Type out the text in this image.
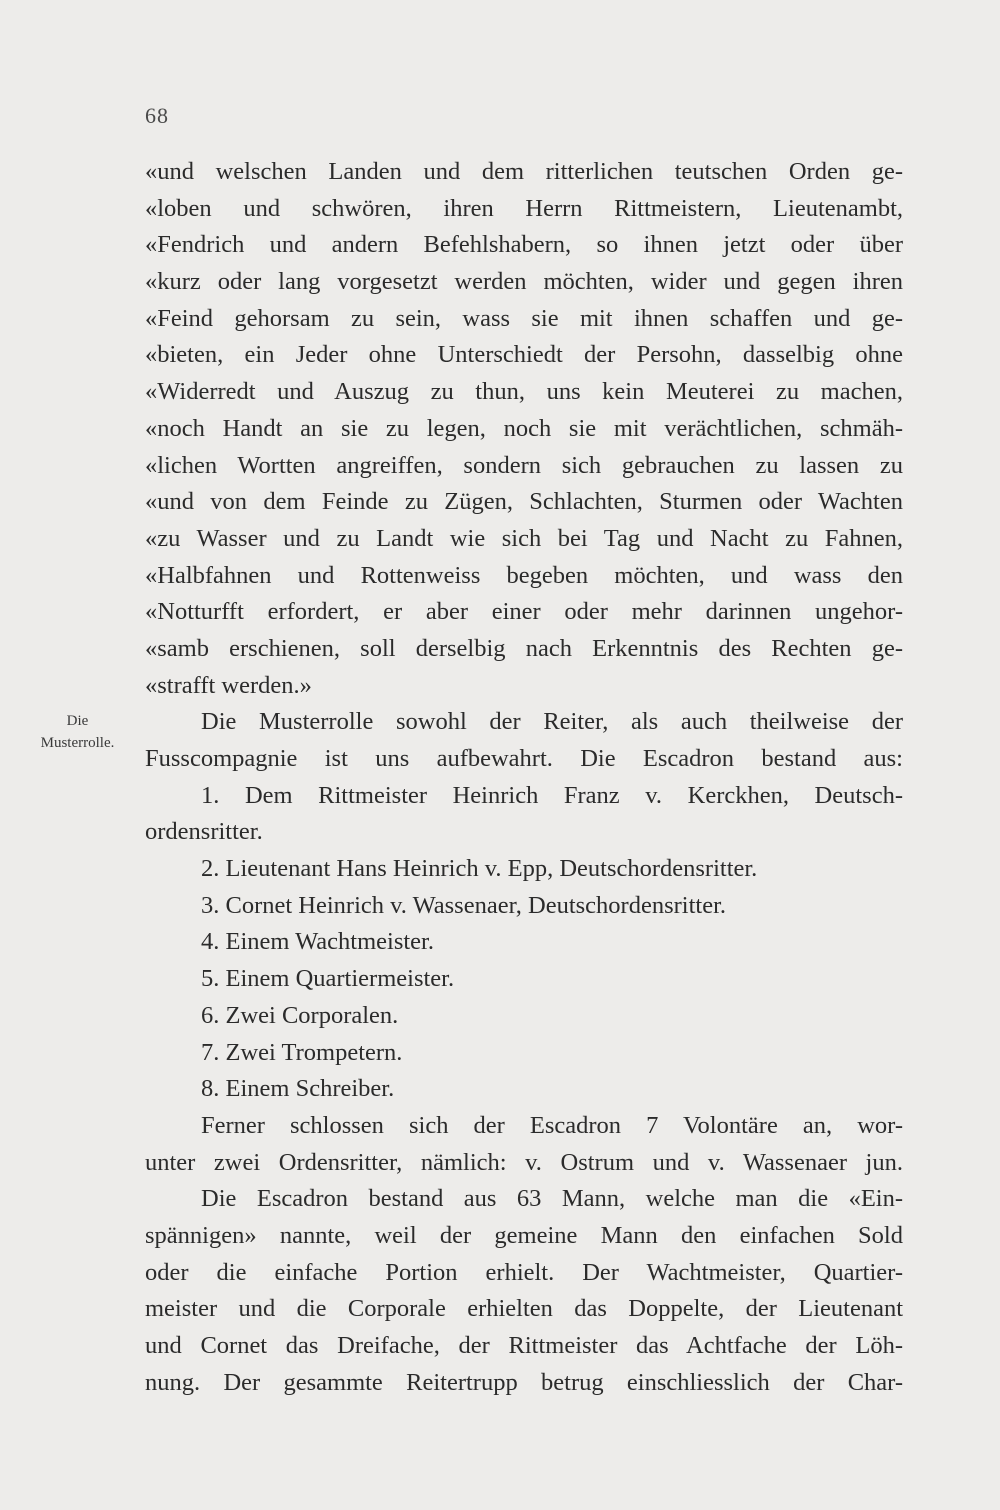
68
Die
Musterrolle.
«und welschen Landen und dem ritterlichen teutschen Orden ge-
«loben und schwören, ihren Herrn Rittmeistern, Lieutenambt,
«Fendrich und andern Befehlshabern, so ihnen jetzt oder über
«kurz oder lang vorgesetzt werden möchten, wider und gegen ihren
«Feind gehorsam zu sein, wass sie mit ihnen schaffen und ge-
«bieten, ein Jeder ohne Unterschiedt der Persohn, dasselbig ohne
«Widerredt und Auszug zu thun, uns kein Meuterei zu machen,
«noch Handt an sie zu legen, noch sie mit verächtlichen, schmäh-
«lichen Wortten angreiffen, sondern sich gebrauchen zu lassen zu
«und von dem Feinde zu Zügen, Schlachten, Sturmen oder Wachten
«zu Wasser und zu Landt wie sich bei Tag und Nacht zu Fahnen,
«Halbfahnen und Rottenweiss begeben möchten, und wass den
«Notturfft erfordert, er aber einer oder mehr darinnen ungehor-
«samb erschienen, soll derselbig nach Erkenntnis des Rechten ge-
«strafft werden.»
Die Musterrolle sowohl der Reiter, als auch theilweise der
Fusscompagnie ist uns aufbewahrt. Die Escadron bestand aus:
1. Dem Rittmeister Heinrich Franz v. Kerckhen, Deutsch-
ordensritter.
2. Lieutenant Hans Heinrich v. Epp, Deutschordensritter.
3. Cornet Heinrich v. Wassenaer, Deutschordensritter.
4. Einem Wachtmeister.
5. Einem Quartiermeister.
6. Zwei Corporalen.
7. Zwei Trompetern.
8. Einem Schreiber.
Ferner schlossen sich der Escadron 7 Volontäre an, wor-
unter zwei Ordensritter, nämlich: v. Ostrum und v. Wassenaer jun.
Die Escadron bestand aus 63 Mann, welche man die «Ein-
spännigen» nannte, weil der gemeine Mann den einfachen Sold
oder die einfache Portion erhielt. Der Wachtmeister, Quartier-
meister und die Corporale erhielten das Doppelte, der Lieutenant
und Cornet das Dreifache, der Rittmeister das Achtfache der Löh-
nung. Der gesammte Reitertrupp betrug einschliesslich der Char-
